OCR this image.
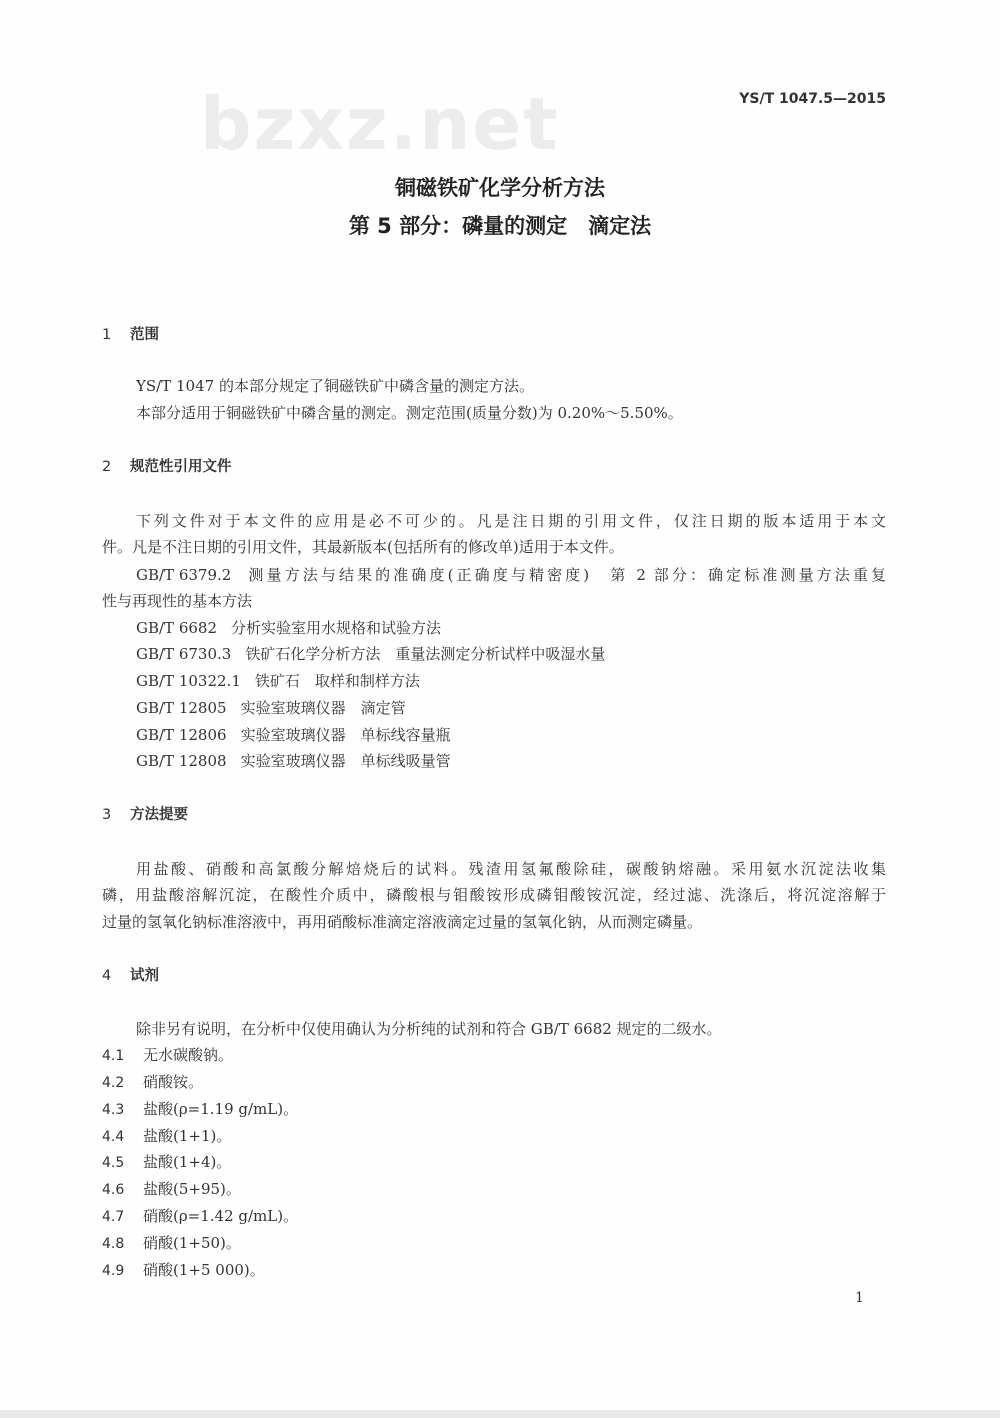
bzxz.net	YS/T 1047.5—2015
铜磁铁矿化学分析方法
第 5 部分：磷量的测定　滴定法
1 范围
YS/T 1047 的本部分规定了铜磁铁矿中磷含量的测定方法。
本部分适用于铜磁铁矿中磷含量的测定。测定范围(质量分数)为 0.20%～5.50%。
2 规范性引用文件
下列文件对于本文件的应用是必不可少的。凡是注日期的引用文件，仅注日期的版本适用于本文
件。凡是不注日期的引用文件，其最新版本(包括所有的修改单)适用于本文件。
GB/T 6379.2 测量方法与结果的准确度(正确度与精密度)　第 2 部分：确定标准测量方法重复
性与再现性的基本方法
GB/T 6682 分析实验室用水规格和试验方法
GB/T 6730.3 铁矿石化学分析方法　重量法测定分析试样中吸湿水量
GB/T 10322.1 铁矿石　取样和制样方法
GB/T 12805 实验室玻璃仪器　滴定管
GB/T 12806 实验室玻璃仪器　单标线容量瓶
GB/T 12808 实验室玻璃仪器　单标线吸量管
3 方法提要
用盐酸、硝酸和高氯酸分解焙烧后的试料。残渣用氢氟酸除硅，碳酸钠熔融。采用氨水沉淀法收集
磷，用盐酸溶解沉淀，在酸性介质中，磷酸根与钼酸铵形成磷钼酸铵沉淀，经过滤、洗涤后，将沉淀溶解于
过量的氢氧化钠标准溶液中，再用硝酸标准滴定溶液滴定过量的氢氧化钠，从而测定磷量。
4 试剂
除非另有说明，在分析中仅使用确认为分析纯的试剂和符合 GB/T 6682 规定的二级水。
4.1 无水碳酸钠。
4.2 硝酸铵。
4.3 盐酸(ρ=1.19 g/mL)。
4.4 盐酸(1+1)。
4.5 盐酸(1+4)。
4.6 盐酸(5+95)。
4.7 硝酸(ρ=1.42 g/mL)。
4.8 硝酸(1+50)。
4.9 硝酸(1+5 000)。
1
